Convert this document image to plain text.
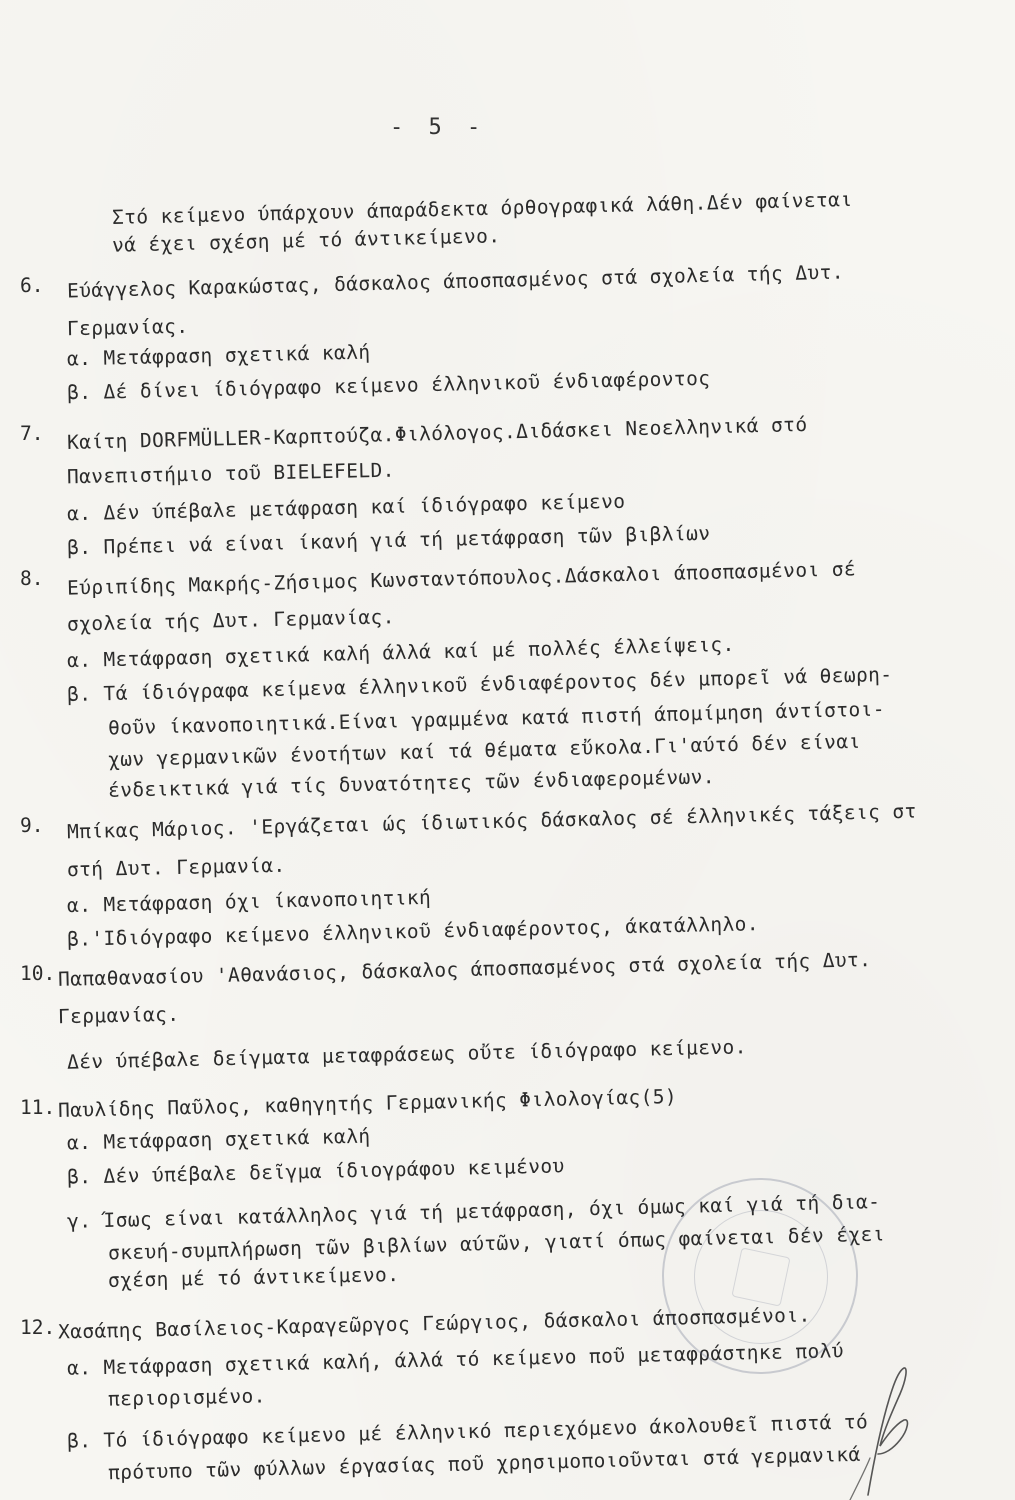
- 5 -
Στό κείμενο ύπάρχουν άπαράδεκτα όρθογραφικά λάθη.Δέν φαίνεται
νά έχει σχέση μέ τό άντικείμενο.
6. Εύάγγελος Καρακώστας, δάσκαλος άποσπασμένος στά σχολεία τής Δυτ.
Γερμανίας.
α. Μετάφραση σχετικά καλή
β. Δέ δίνει ίδιόγραφο κείμενο έλληνικοῦ ένδιαφέροντος
7. Καίτη DORFMÜLLER-Καρπτούζα.Φιλόλογος.Διδάσκει Νεοελληνικά στό
Πανεπιστήμιο τοῦ BIELEFELD.
α. Δέν ύπέβαλε μετάφραση καί ίδιόγραφο κείμενο
β. Πρέπει νά είναι ίκανή γιά τή μετάφραση τῶν βιβλίων
8. Εύριπίδης Μακρής-Ζήσιμος Κωνσταντόπουλος.Δάσκαλοι άποσπασμένοι σέ
σχολεία τής Δυτ. Γερμανίας.
α. Μετάφραση σχετικά καλή άλλά καί μέ πολλές έλλείψεις.
β. Τά ίδιόγραφα κείμενα έλληνικοῦ ένδιαφέροντος δέν μπορεῖ νά θεωρη-
θοῦν ίκανοποιητικά.Είναι γραμμένα κατά πιστή άπομίμηση άντίστοι-
χων γερμανικῶν ένοτήτων καί τά θέματα εὔκολα.Γι'αύτό δέν είναι
ένδεικτικά γιά τίς δυνατότητες τῶν ένδιαφερομένων.
9. Μπίκας Μάριος. 'Εργάζεται ώς ίδιωτικός δάσκαλος σέ έλληνικές τάξεις στ
στή Δυτ. Γερμανία.
α. Μετάφραση όχι ίκανοποιητική
β.'Ιδιόγραφο κείμενο έλληνικοῦ ένδιαφέροντος, άκατάλληλο.
10. Παπαθανασίου 'Αθανάσιος, δάσκαλος άποσπασμένος στά σχολεία τής Δυτ.
Γερμανίας.
Δέν ύπέβαλε δείγματα μεταφράσεως οὔτε ίδιόγραφο κείμενο.
11. Παυλίδης Παῦλος, καθηγητής Γερμανικής Φιλολογίας(5)
α. Μετάφραση σχετικά καλή
β. Δέν ύπέβαλε δεῖγμα ίδιογράφου κειμένου
γ. Ίσως είναι κατάλληλος γιά τή μετάφραση, όχι όμως καί γιά τή δια-
σκευή-συμπλήρωση τῶν βιβλίων αύτῶν, γιατί όπως φαίνεται δέν έχει
σχέση μέ τό άντικείμενο.
12. Χασάπης Βασίλειος-Καραγεῶργος Γεώργιος, δάσκαλοι άποσπασμένοι.
α. Μετάφραση σχετικά καλή, άλλά τό κείμενο ποῦ μεταφράστηκε πολύ
περιορισμένο.
β. Τό ίδιόγραφο κείμενο μέ έλληνικό περιεχόμενο άκολουθεῖ πιστά τό
πρότυπο τῶν φύλλων έργασίας ποῦ χρησιμοποιοῦνται στά γερμανικά
